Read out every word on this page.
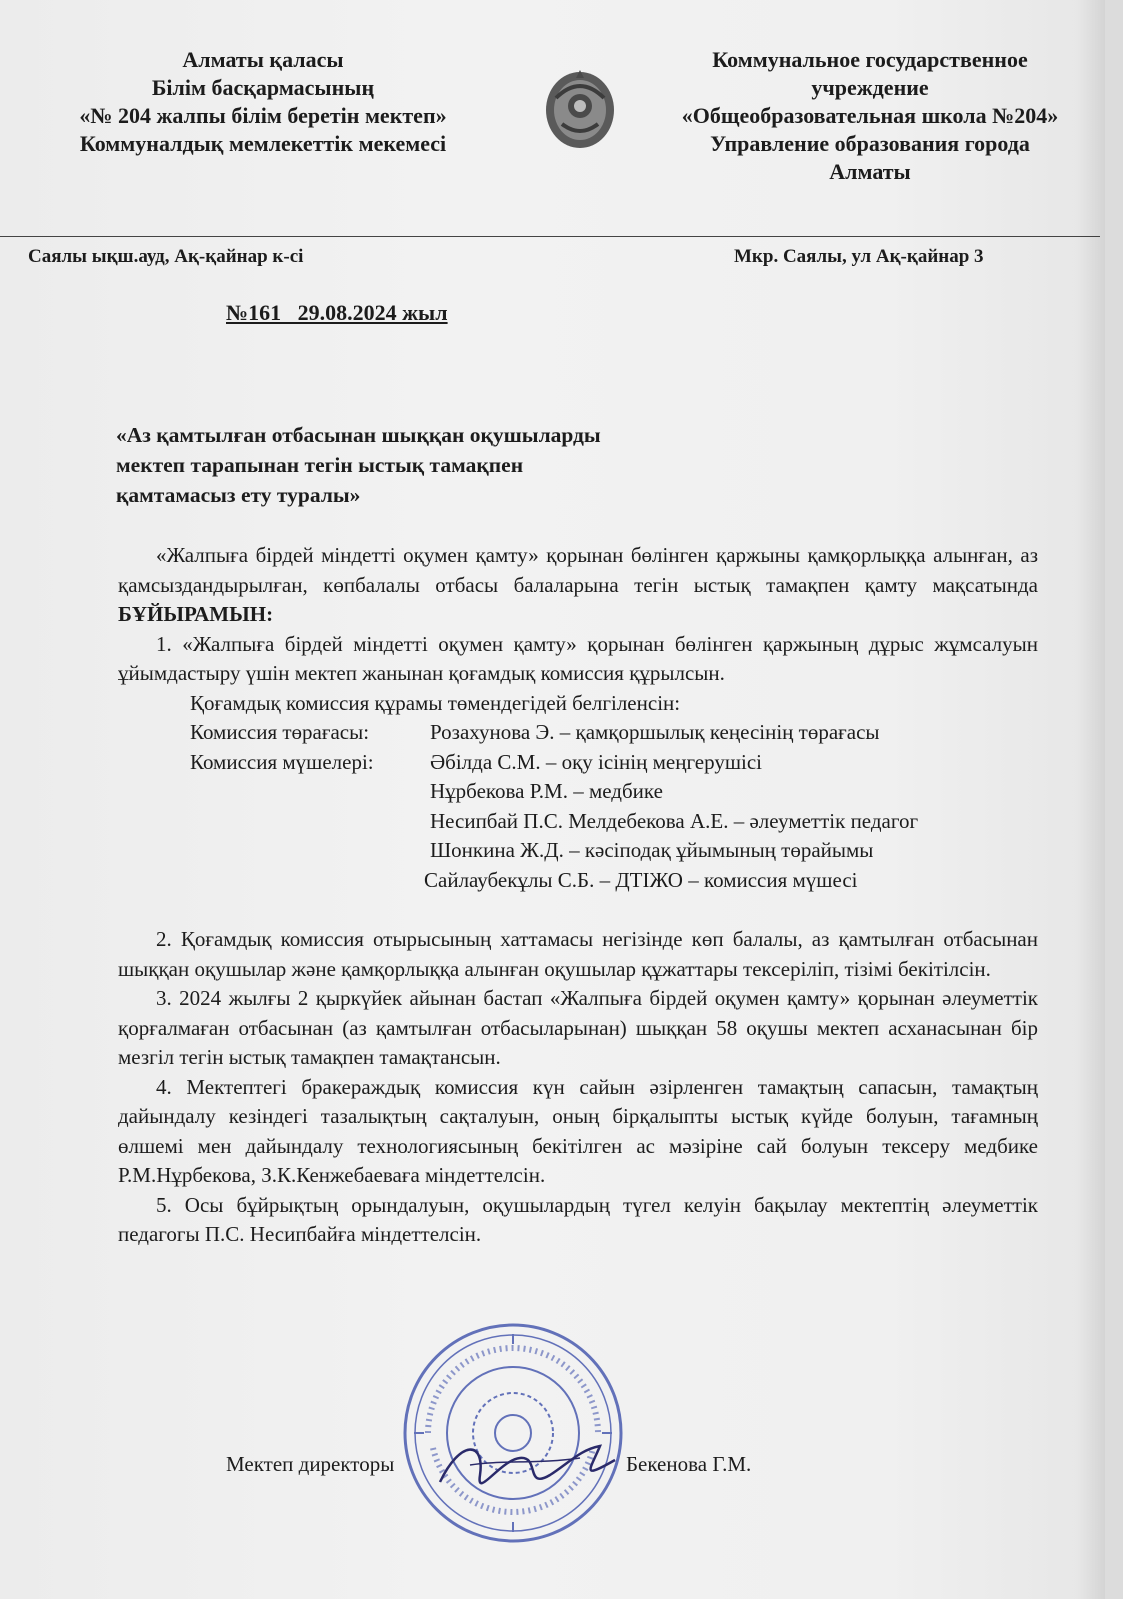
Алматы қаласы
Білім басқармасының
«№ 204 жалпы білім беретін мектеп»
Коммуналдық мемлекеттік мекемесі
Коммунальное государственное
учреждение
«Общеобразовательная школа №204»
Управление образования города
Алматы
Саялы ықш.ауд, Ақ-қайнар к-сі	Мкр. Саялы, ул Ақ-қайнар 3
№161   29.08.2024 жыл
«Аз қамтылған отбасынан шыққан оқушыларды
мектеп тарапынан тегін ыстық тамақпен
қамтамасыз ету туралы»

«Жалпыға бірдей міндетті оқумен қамту» қорынан бөлінген қаржыны қамқорлыққа алынған, аз қамсыздандырылған, көпбалалы отбасы балаларына тегін ыстық тамақпен қамту мақсатында БҰЙЫРАМЫН:

1. «Жалпыға бірдей міндетті оқумен қамту» қорынан бөлінген қаржының дұрыс жұмсалуын ұйымдастыру үшін мектеп жанынан қоғамдық комиссия құрылсын.

Қоғамдық комиссия құрамы төмендегідей белгіленсін:
Комиссия төрағасы:	Розахунова Э. – қамқоршылық кеңесінің төрағасы
Комиссия мүшелері:	Әбілда С.М. – оқу ісінің меңгерушісі
Нұрбекова Р.М. – медбике
Несипбай П.С. Мелдебекова А.Е. – әлеуметтік педагог
Шонкина Ж.Д. – кәсіподақ ұйымының төрайымы
Сайлаубекұлы С.Б. – ДТІЖО – комиссия мүшесі

2. Қоғамдық комиссия отырысының хаттамасы негізінде көп балалы, аз қамтылған отбасынан шыққан оқушылар және қамқорлыққа алынған оқушылар құжаттары тексеріліп, тізімі бекітілсін.

3. 2024 жылғы 2 қыркүйек айынан бастап «Жалпыға бірдей оқумен қамту» қорынан әлеуметтік қорғалмаған отбасынан (аз қамтылған отбасыларынан) шыққан 58 оқушы мектеп асханасынан бір мезгіл тегін ыстық тамақпен тамақтансын.

4. Мектептегі бракераждық комиссия күн сайын әзірленген тамақтың сапасын, тамақтың дайындалу кезіндегі тазалықтың сақталуын, оның бірқалыпты ыстық күйде болуын, тағамның өлшемі мен дайындалу технологиясының бекітілген ас мәзіріне сай болуын тексеру медбике Р.М.Нұрбекова, З.К.Кенжебаеваға міндеттелсін.

5. Осы бұйрықтың орындалуын, оқушылардың түгел келуін бақылау мектептің әлеуметтік педагогы П.С. Несипбайға міндеттелсін.

Мектеп директоры	Бекенова Г.М.
